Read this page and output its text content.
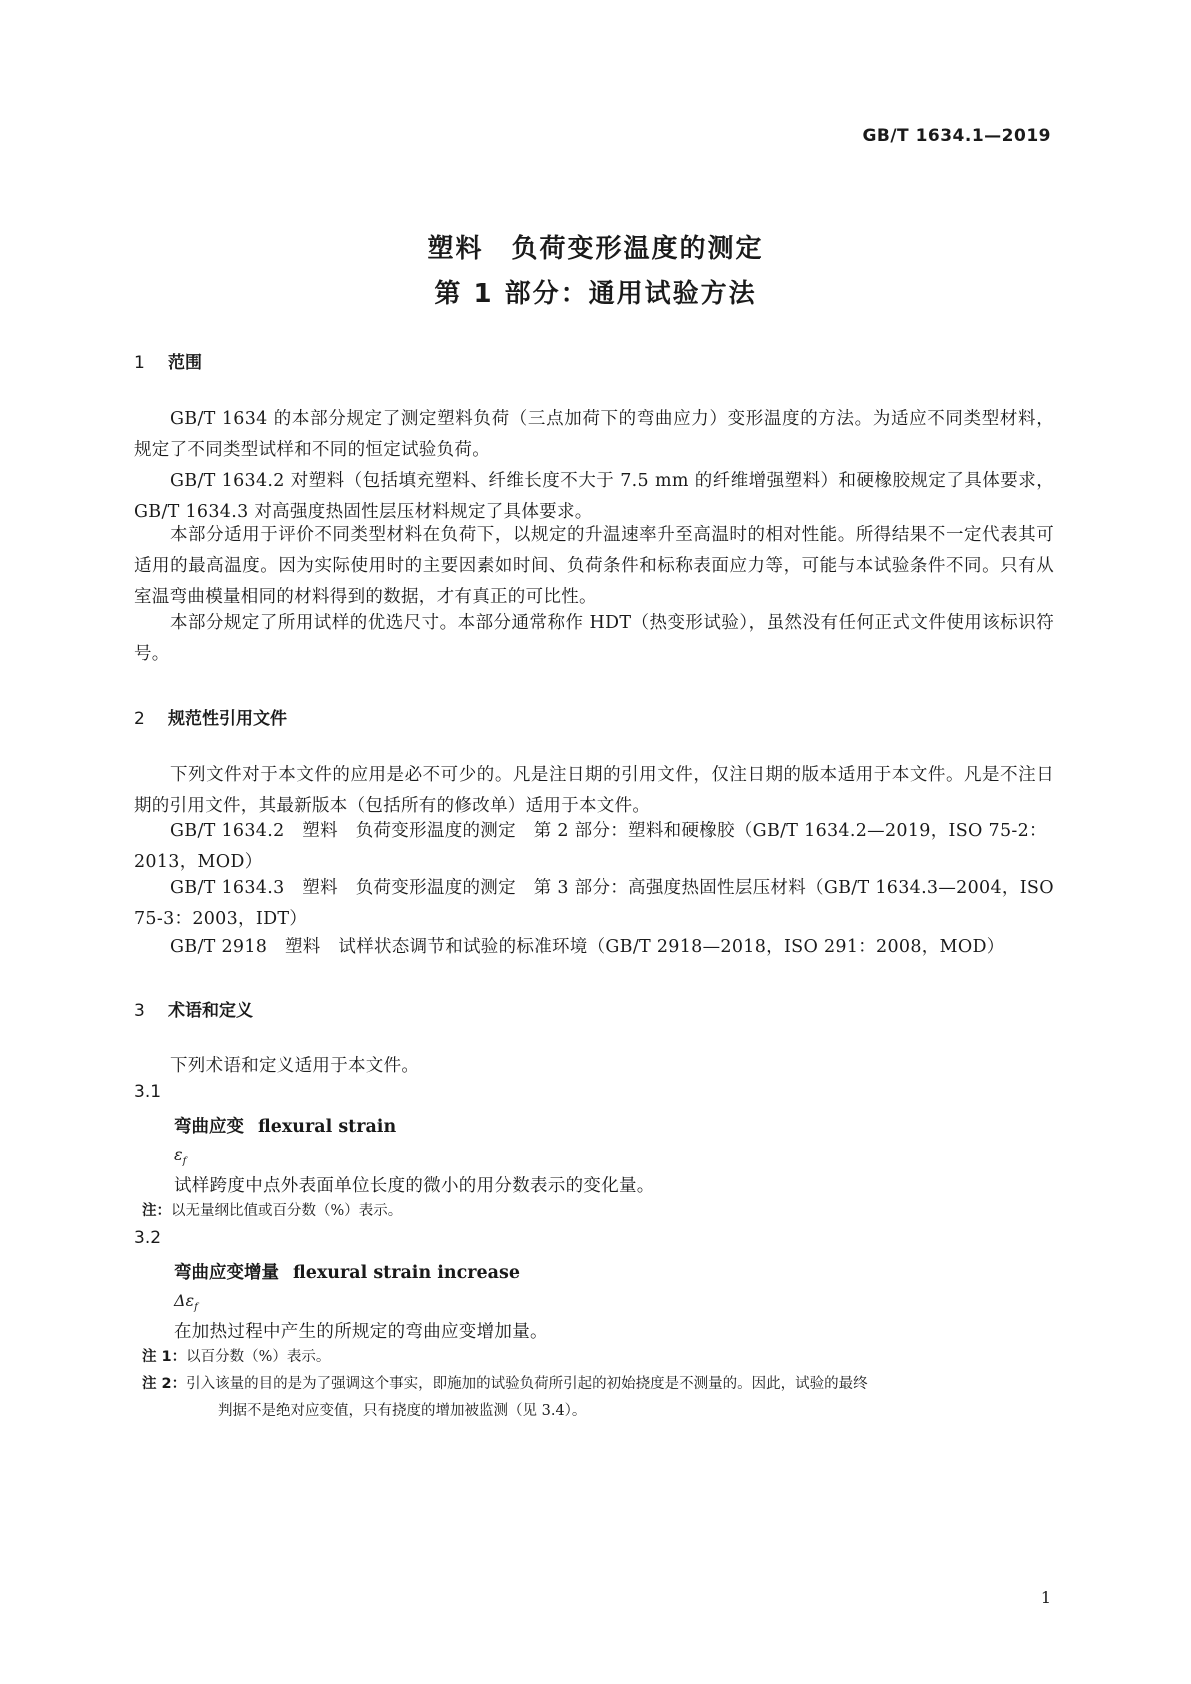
GB/T 1634.1—2019
塑料　负荷变形温度的测定
第 1 部分：通用试验方法
1 范围

GB/T 1634 的本部分规定了测定塑料负荷（三点加荷下的弯曲应力）变形温度的方法。为适应不同类型材料，规定了不同类型试样和不同的恒定试验负荷。

GB/T 1634.2 对塑料（包括填充塑料、纤维长度不大于 7.5 mm 的纤维增强塑料）和硬橡胶规定了具体要求，GB/T 1634.3 对高强度热固性层压材料规定了具体要求。

本部分适用于评价不同类型材料在负荷下，以规定的升温速率升至高温时的相对性能。所得结果不一定代表其可适用的最高温度。因为实际使用时的主要因素如时间、负荷条件和标称表面应力等，可能与本试验条件不同。只有从室温弯曲模量相同的材料得到的数据，才有真正的可比性。

本部分规定了所用试样的优选尺寸。本部分通常称作 HDT（热变形试验），虽然没有任何正式文件使用该标识符号。

2 规范性引用文件

下列文件对于本文件的应用是必不可少的。凡是注日期的引用文件，仅注日期的版本适用于本文件。凡是不注日期的引用文件，其最新版本（包括所有的修改单）适用于本文件。

GB/T 1634.2　塑料　负荷变形温度的测定　第 2 部分：塑料和硬橡胶（GB/T 1634.2—2019，ISO 75-2：2013，MOD）

GB/T 1634.3　塑料　负荷变形温度的测定　第 3 部分：高强度热固性层压材料（GB/T 1634.3—2004，ISO 75-3：2003，IDT）

GB/T 2918　塑料　试样状态调节和试验的标准环境（GB/T 2918—2018，ISO 291：2008，MOD）

3 术语和定义

下列术语和定义适用于本文件。

3.1
弯曲应变 flexural strain
$\varepsilon_f$
试样跨度中点外表面单位长度的微小的用分数表示的变化量。
注：以无量纲比值或百分数（%）表示。
3.2
弯曲应变增量 flexural strain increase
$\Delta\varepsilon_f$
在加热过程中产生的所规定的弯曲应变增加量。
注 1：以百分数（%）表示。
注 2：引入该量的目的是为了强调这个事实，即施加的试验负荷所引起的初始挠度是不测量的。因此，试验的最终
判据不是绝对应变值，只有挠度的增加被监测（见 3.4）。
1
